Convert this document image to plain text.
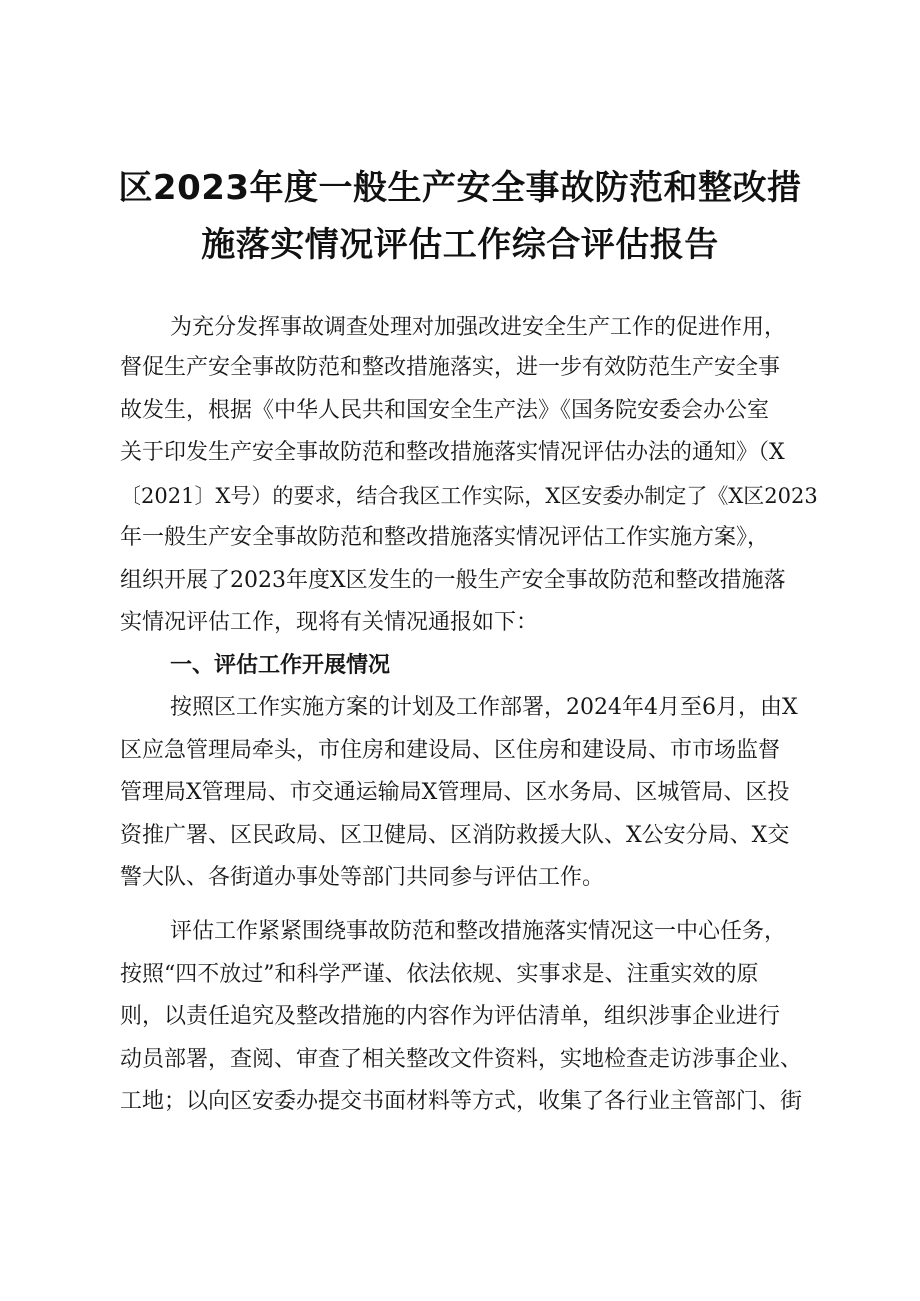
区2023年度一般生产安全事故防范和整改措
施落实情况评估工作综合评估报告
为充分发挥事故调查处理对加强改进安全生产工作的促进作用，
督促生产安全事故防范和整改措施落实，进一步有效防范生产安全事
故发生，根据《中华人民共和国安全生产法》《国务院安委会办公室
关于印发生产安全事故防范和整改措施落实情况评估办法的通知》（X
〔2021〕X号）的要求，结合我区工作实际，X区安委办制定了《X区2023
年一般生产安全事故防范和整改措施落实情况评估工作实施方案》，
组织开展了2023年度X区发生的一般生产安全事故防范和整改措施落
实情况评估工作，现将有关情况通报如下：
一、评估工作开展情况
按照区工作实施方案的计划及工作部署，2024年4月至6月，由X
区应急管理局牵头，市住房和建设局、区住房和建设局、市市场监督
管理局X管理局、市交通运输局X管理局、区水务局、区城管局、区投
资推广署、区民政局、区卫健局、区消防救援大队、X公安分局、X交
警大队、各街道办事处等部门共同参与评估工作。
评估工作紧紧围绕事故防范和整改措施落实情况这一中心任务，
按照“四不放过”和科学严谨、依法依规、实事求是、注重实效的原
则，以责任追究及整改措施的内容作为评估清单，组织涉事企业进行
动员部署，查阅、审查了相关整改文件资料，实地检查走访涉事企业、
工地；以向区安委办提交书面材料等方式，收集了各行业主管部门、街
